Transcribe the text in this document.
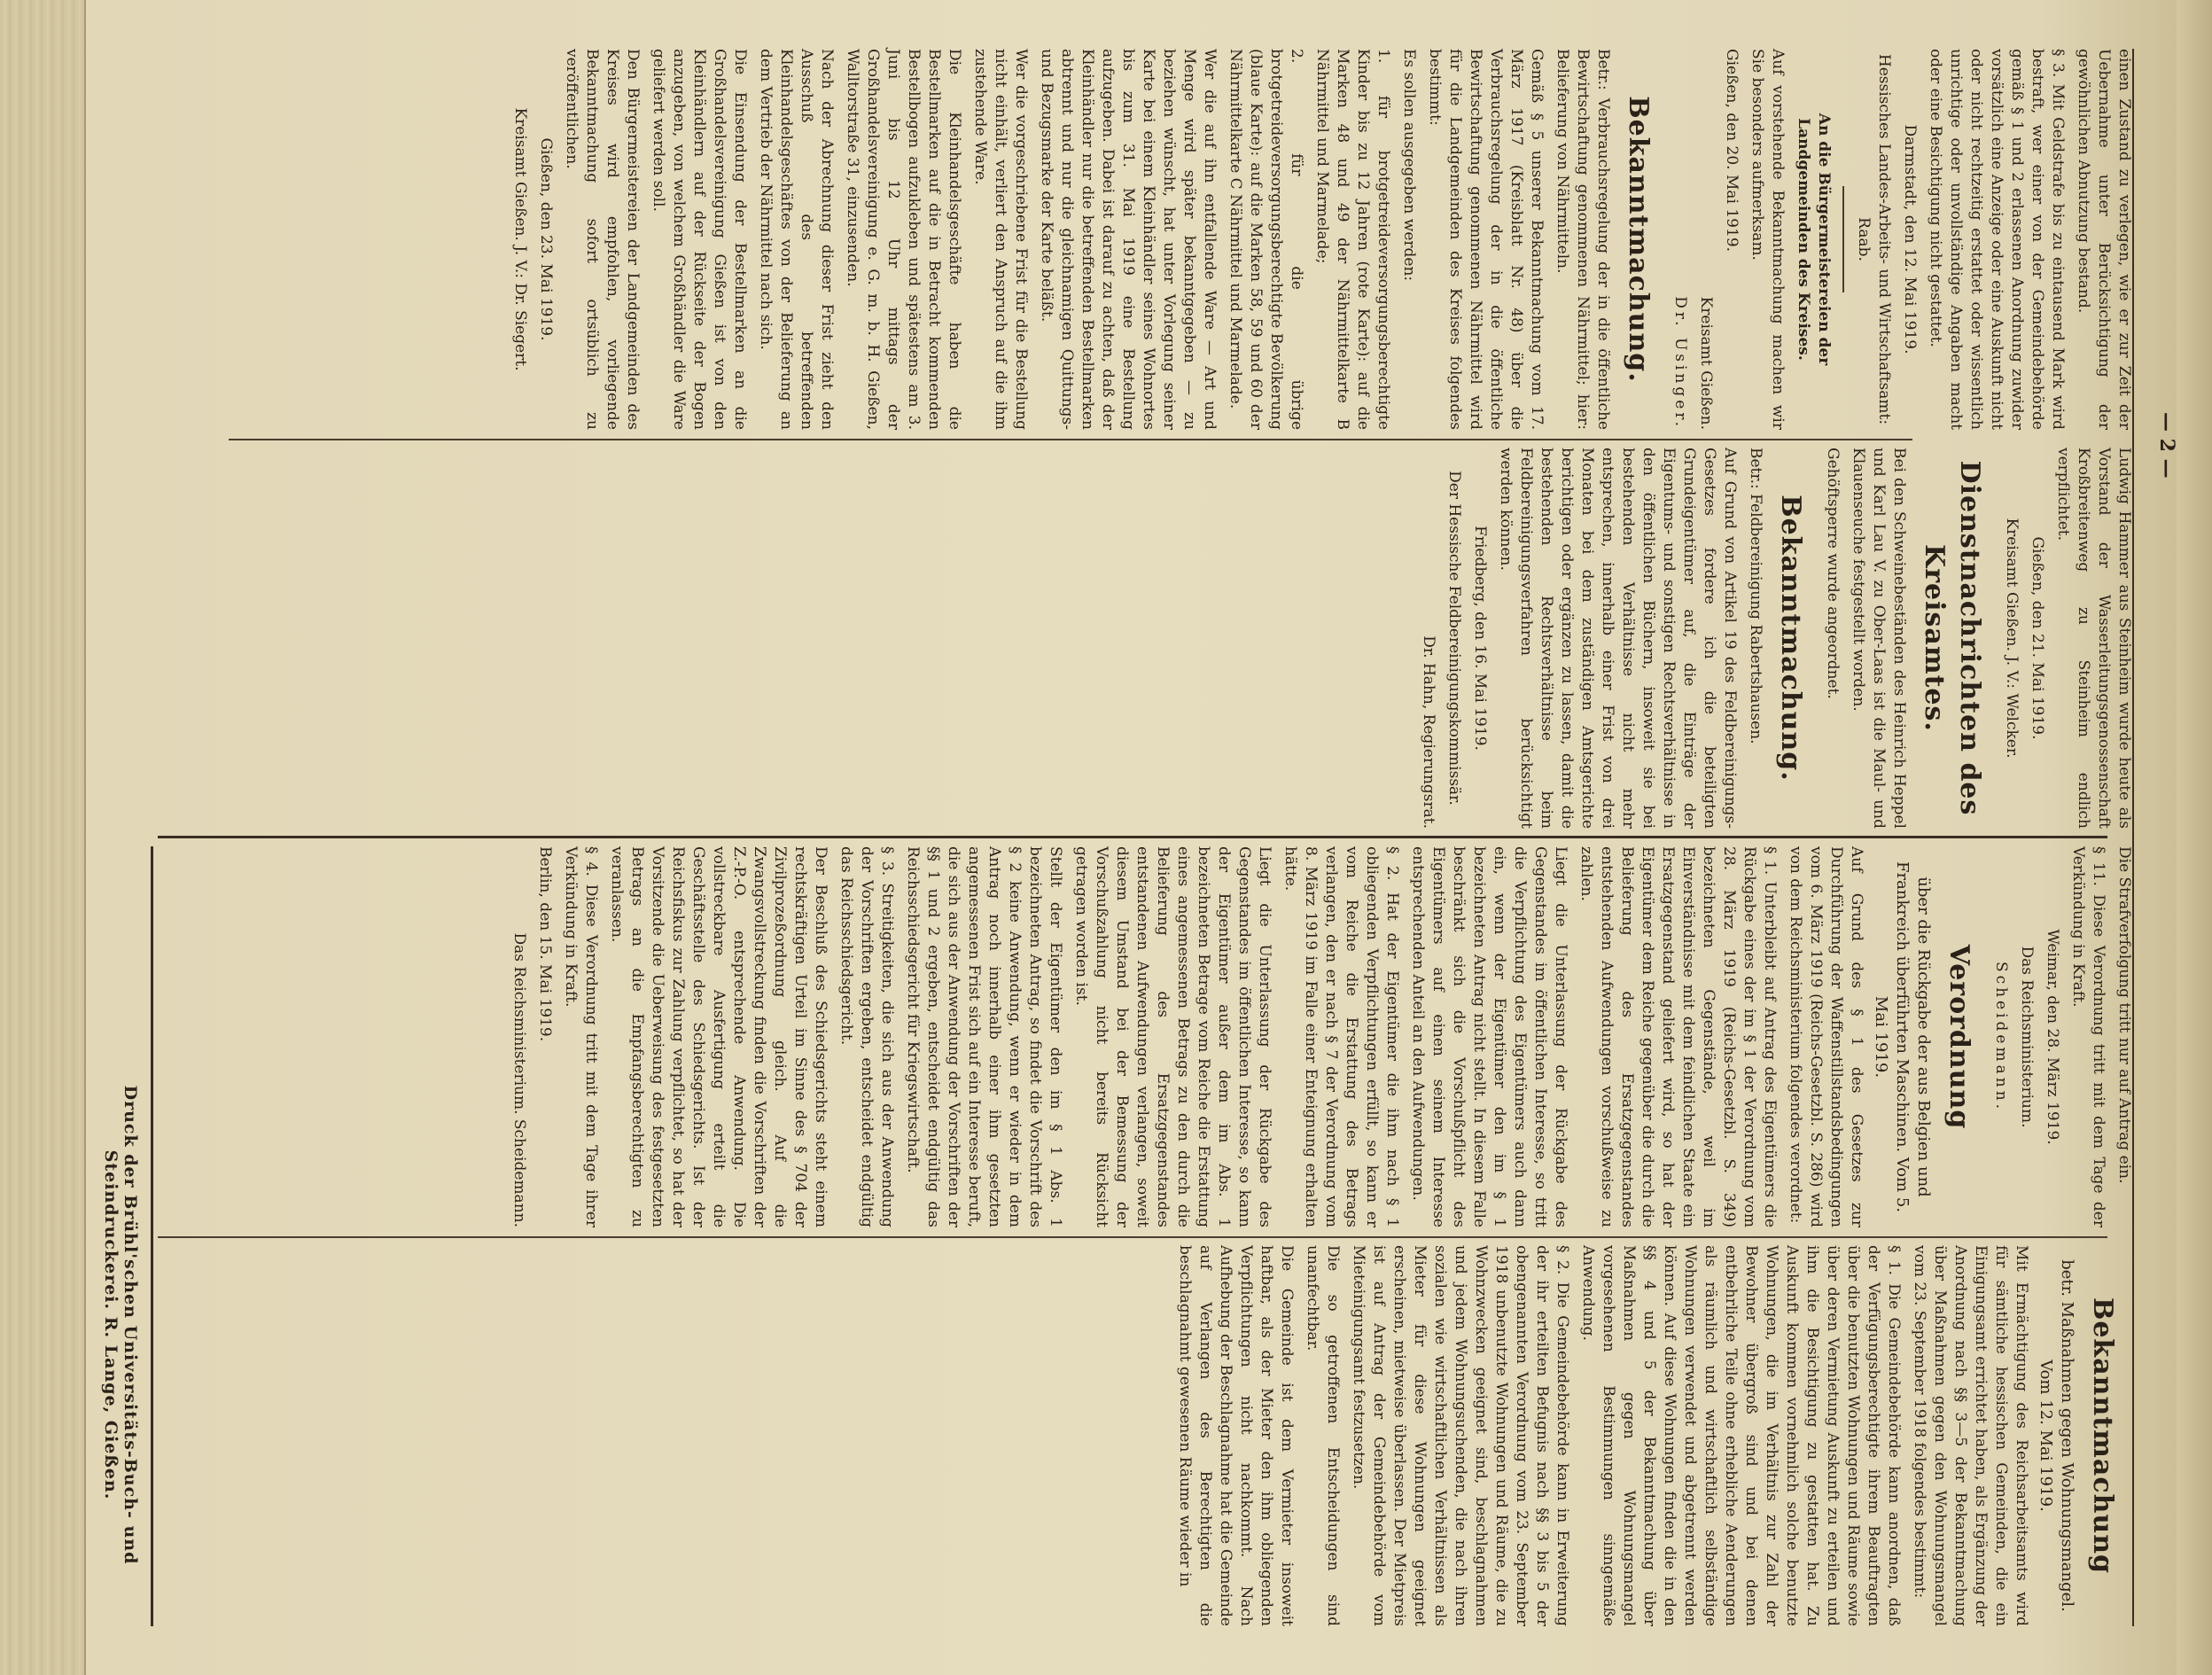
— 2 —

einen Zustand zu verlegen, wie er zur Zeit der Uebernahme unter Berücksichtigung der gewöhnlichen Abnutzung bestand.

§ 3. Mit Geldstrafe bis zu eintausend Mark wird bestraft, wer einer von der Gemeindebehörde gemäß § 1 und 2 erlassenen Anordnung zuwider vorsätzlich eine Anzeige oder eine Auskunft nicht oder nicht rechtzeitig erstattet oder wissentlich unrichtige oder unvollständige Angaben macht oder eine Besichtigung nicht gestattet.

Darmstadt, den 12. Mai 1919.

Hessisches Landes-Arbeits- und Wirtschaftsamt: Raab.

An die Bürgermeistereien der Landgemeinden des Kreises.

Auf vorstehende Bekanntmachung machen wir Sie besonders aufmerksam.

Gießen, den 20. Mai 1919.

Kreisamt Gießen.

Dr. Usinger.

Bekanntmachung.

Betr.: Verbrauchsregelung der in die öffentliche Bewirtschaftung genommenen Nährmittel; hier: Belieferung von Nährmitteln.

Gemäß § 5 unserer Bekanntmachung vom 17. März 1917 (Kreisblatt Nr. 48) über die Verbrauchsregelung der in die öffentliche Bewirtschaftung genommenen Nährmittel wird für die Landgemeinden des Kreises folgendes bestimmt:

Es sollen ausgegeben werden:

1. für brotgetreideversorgungsberechtigte Kinder bis zu 12 Jahren (rote Karte): auf die Marken 48 und 49 der Nährmittelkarte B Nährmittel und Marmelade;

2. für die übrige brotgetreideversorgungsberechtigte Bevölkerung (blaue Karte): auf die Marken 58, 59 und 60 der Nährmittelkarte C Nährmittel und Marmelade.

Wer die auf ihn entfallende Ware — Art und Menge wird später bekanntgegeben — zu beziehen wünscht, hat unter Vorlegung seiner Karte bei einem Kleinhändler seines Wohnortes bis zum 31. Mai 1919 eine Bestellung aufzugeben. Dabei ist darauf zu achten, daß der Kleinhändler nur die betreffenden Bestellmarken abtrennt und nur die gleichnamigen Quittungs- und Bezugsmarke der Karte beläßt.

Wer die vorgeschriebene Frist für die Bestellung nicht einhält, verliert den Anspruch auf die ihm zustehende Ware.

Die Kleinhandelsgeschäfte haben die Bestellmarken auf die in Betracht kommenden Bestellbogen aufzukleben und spätestens am 3. Juni bis 12 Uhr mittags der Großhandelsvereinigung e. G. m. b. H. Gießen, Walltorstraße 31, einzusenden.

Nach der Abrechnung dieser Frist zieht den Ausschuß des betreffenden Kleinhandelsgeschäftes von der Belieferung an dem Vertrieb der Nährmittel nach sich.

Die Einsendung der Bestellmarken an die Großhandelsvereinigung Gießen ist von den Kleinhändlern auf der Rückseite der Bogen anzugeben, von welchem Großhändler die Ware geliefert werden soll.

Den Bürgermeistereien der Landgemeinden des Kreises wird empfohlen, vorliegende Bekanntmachung sofort ortsüblich zu veröffentlichen.

Gießen, den 23. Mai 1919.

Kreisamt Gießen. J. V.: Dr. Siegert.

Ludwig Hammer aus Steinheim wurde heute als Vorstand der Wasserleitungsgenossenschaft Kroßbreitenweg zu Steinheim endlich verpflichtet.

Gießen, den 21. Mai 1919.

Kreisamt Gießen. J. V.: Welcker.

Dienstnachrichten des Kreisamtes.

Bei den Schweinebeständen des Heinrich Heppel und Karl Lau V. zu Ober-Laas ist die Maul- und Klauenseuche festgestellt worden.

Gehöftsperre wurde angeordnet.

Bekanntmachung.

Betr.: Feldbereinigung Rabertshausen.

Auf Grund von Artikel 19 des Feldbereinigungs-Gesetzes fordere ich die beteiligten Grundeigentümer auf, die Einträge der Eigentums- und sonstigen Rechtsverhältnisse in den öffentlichen Büchern, insoweit sie bei bestehenden Verhältnisse nicht mehr entsprechen, innerhalb einer Frist von drei Monaten bei dem zuständigen Amtsgerichte berichtigen oder ergänzen zu lassen, damit die bestehenden Rechtsverhältnisse beim Feldbereinigungsverfahren berücksichtigt werden können.

Friedberg, den 16. Mai 1919.

Der Hessische Feldbereinigungskommissär.

Dr. Hahn, Regierungsrat.

Die Strafverfolgung tritt nur auf Antrag ein.

§ 11. Diese Verordnung tritt mit dem Tage der Verkündung in Kraft.

Weimar, den 28. März 1919.

Das Reichsministerium.

Scheidemann.

Verordnung

über die Rückgabe der aus Belgien und Frankreich überführten Maschinen. Vom 5. Mai 1919.

Auf Grund des § 1 des Gesetzes zur Durchführung der Waffenstillstandsbedingungen vom 6. März 1919 (Reichs-Gesetzbl. S. 286) wird von dem Reichsministerium folgendes verordnet:

§ 1. Unterbleibt auf Antrag des Eigentümers die Rückgabe eines der im § 1 der Verordnung vom 28. März 1919 (Reichs-Gesetzbl. S. 349) bezeichneten Gegenstände, weil im Einverständnisse mit dem feindlichen Staate ein Ersatzgegenstand geliefert wird, so hat der Eigentümer dem Reiche gegenüber die durch die Belieferung des Ersatzgegenstandes entstehenden Aufwendungen vorschußweise zu zahlen.

Liegt die Unterlassung der Rückgabe des Gegenstandes im öffentlichen Interesse, so tritt die Verpflichtung des Eigentümers auch dann ein, wenn der Eigentümer den im § 1 bezeichneten Antrag nicht stellt. In diesem Falle beschränkt sich die Vorschußpflicht des Eigentümers auf einen seinem Interesse entsprechenden Anteil an den Aufwendungen.

§ 2. Hat der Eigentümer die ihm nach § 1 obliegenden Verpflichtungen erfüllt, so kann er vom Reiche die Erstattung des Betrags verlangen, den er nach § 7 der Verordnung vom 8. März 1919 im Falle einer Enteignung erhalten hätte.

Liegt die Unterlassung der Rückgabe des Gegenstandes im öffentlichen Interesse, so kann der Eigentümer außer dem im Abs. 1 bezeichneten Betrage vom Reiche die Erstattung eines angemessenen Betrags zu den durch die Belieferung des Ersatzgegenstandes entstandenen Aufwendungen verlangen, soweit diesem Umstand bei der Bemessung der Vorschußzahlung nicht bereits Rücksicht getragen worden ist.

Stellt der Eigentümer den im § 1 Abs. 1 bezeichneten Antrag, so findet die Vorschrift des § 2 keine Anwendung, wenn er wieder in dem Antrag noch innerhalb einer ihm gesetzten angemessenen Frist sich auf ein Interesse beruft, die sich aus der Anwendung der Vorschriften der §§ 1 und 2 ergeben, entscheidet endgültig das Reichsschiedsgericht für Kriegswirtschaft.

§ 3. Streitigkeiten, die sich aus der Anwendung der Vorschriften ergeben, entscheidet endgültig das Reichsschiedsgericht.

Der Beschluß des Schiedsgerichts steht einem rechtskräftigen Urteil im Sinne des § 704 der Zivilprozeßordnung gleich. Auf die Zwangsvollstreckung finden die Vorschriften der Z.-P.-O. entsprechende Anwendung. Die vollstreckbare Ausfertigung erteilt die Geschäftsstelle des Schiedsgerichts. Ist der Reichsfiskus zur Zahlung verpflichtet, so hat der Vorsitzende die Ueberweisung des festgesetzten Betrags an die Empfangsberechtigten zu veranlassen.

§ 4. Diese Verordnung tritt mit dem Tage ihrer Verkündung in Kraft.

Berlin, den 15. Mai 1919.

Das Reichsministerium. Scheidemann.

Bekanntmachung

betr. Maßnahmen gegen Wohnungsmangel. Vom 12. Mai 1919.

Mit Ermächtigung des Reichsarbeitsamts wird für sämtliche hessischen Gemeinden, die ein Einigungsamt errichtet haben, als Ergänzung der Anordnung nach §§ 3—5 der Bekanntmachung über Maßnahmen gegen den Wohnungsmangel vom 23. September 1918 folgendes bestimmt:

§ 1. Die Gemeindebehörde kann anordnen, daß der Verfügungsberechtigte ihrem Beauftragten über die benutzten Wohnungen und Räume sowie über deren Vermietung Auskunft zu erteilen und ihm die Besichtigung zu gestatten hat. Zu Auskunft kommen vornehmlich solche benutzte Wohnungen, die im Verhältnis zur Zahl der Bewohner übergroß sind und bei denen entbehrliche Teile ohne erhebliche Aenderungen als räumlich und wirtschaftlich selbständige Wohnungen verwendet und abgetrennt werden können. Auf diese Wohnungen finden die in den §§ 4 und 5 der Bekanntmachung über Maßnahmen gegen Wohnungsmangel vorgesehenen Bestimmungen sinngemäße Anwendung.

§ 2. Die Gemeindebehörde kann in Erweiterung der ihr erteilten Befugnis nach §§ 3 bis 5 der obengenannten Verordnung vom 23. September 1918 unbenutzte Wohnungen und Räume, die zu Wohnzwecken geeignet sind, beschlagnahmen und jedem Wohnungsuchenden, die nach ihren sozialen wie wirtschaftlichen Verhältnissen als Mieter für diese Wohnungen geeignet erscheinen, mietweise überlassen. Der Mietpreis ist auf Antrag der Gemeindebehörde vom Mieteinigungsamt festzusetzen.

Die so getroffenen Entscheidungen sind unanfechtbar.

Die Gemeinde ist dem Vermieter insoweit haftbar, als der Mieter den ihm obliegenden Verpflichtungen nicht nachkommt. Nach Aufhebung der Beschlagnahme hat die Gemeinde auf Verlangen des Berechtigten die beschlagnahmt gewesenen Räume wieder in

Druck der Brühl'schen Universitäts-Buch- und Steindruckerei. R. Lange, Gießen.
